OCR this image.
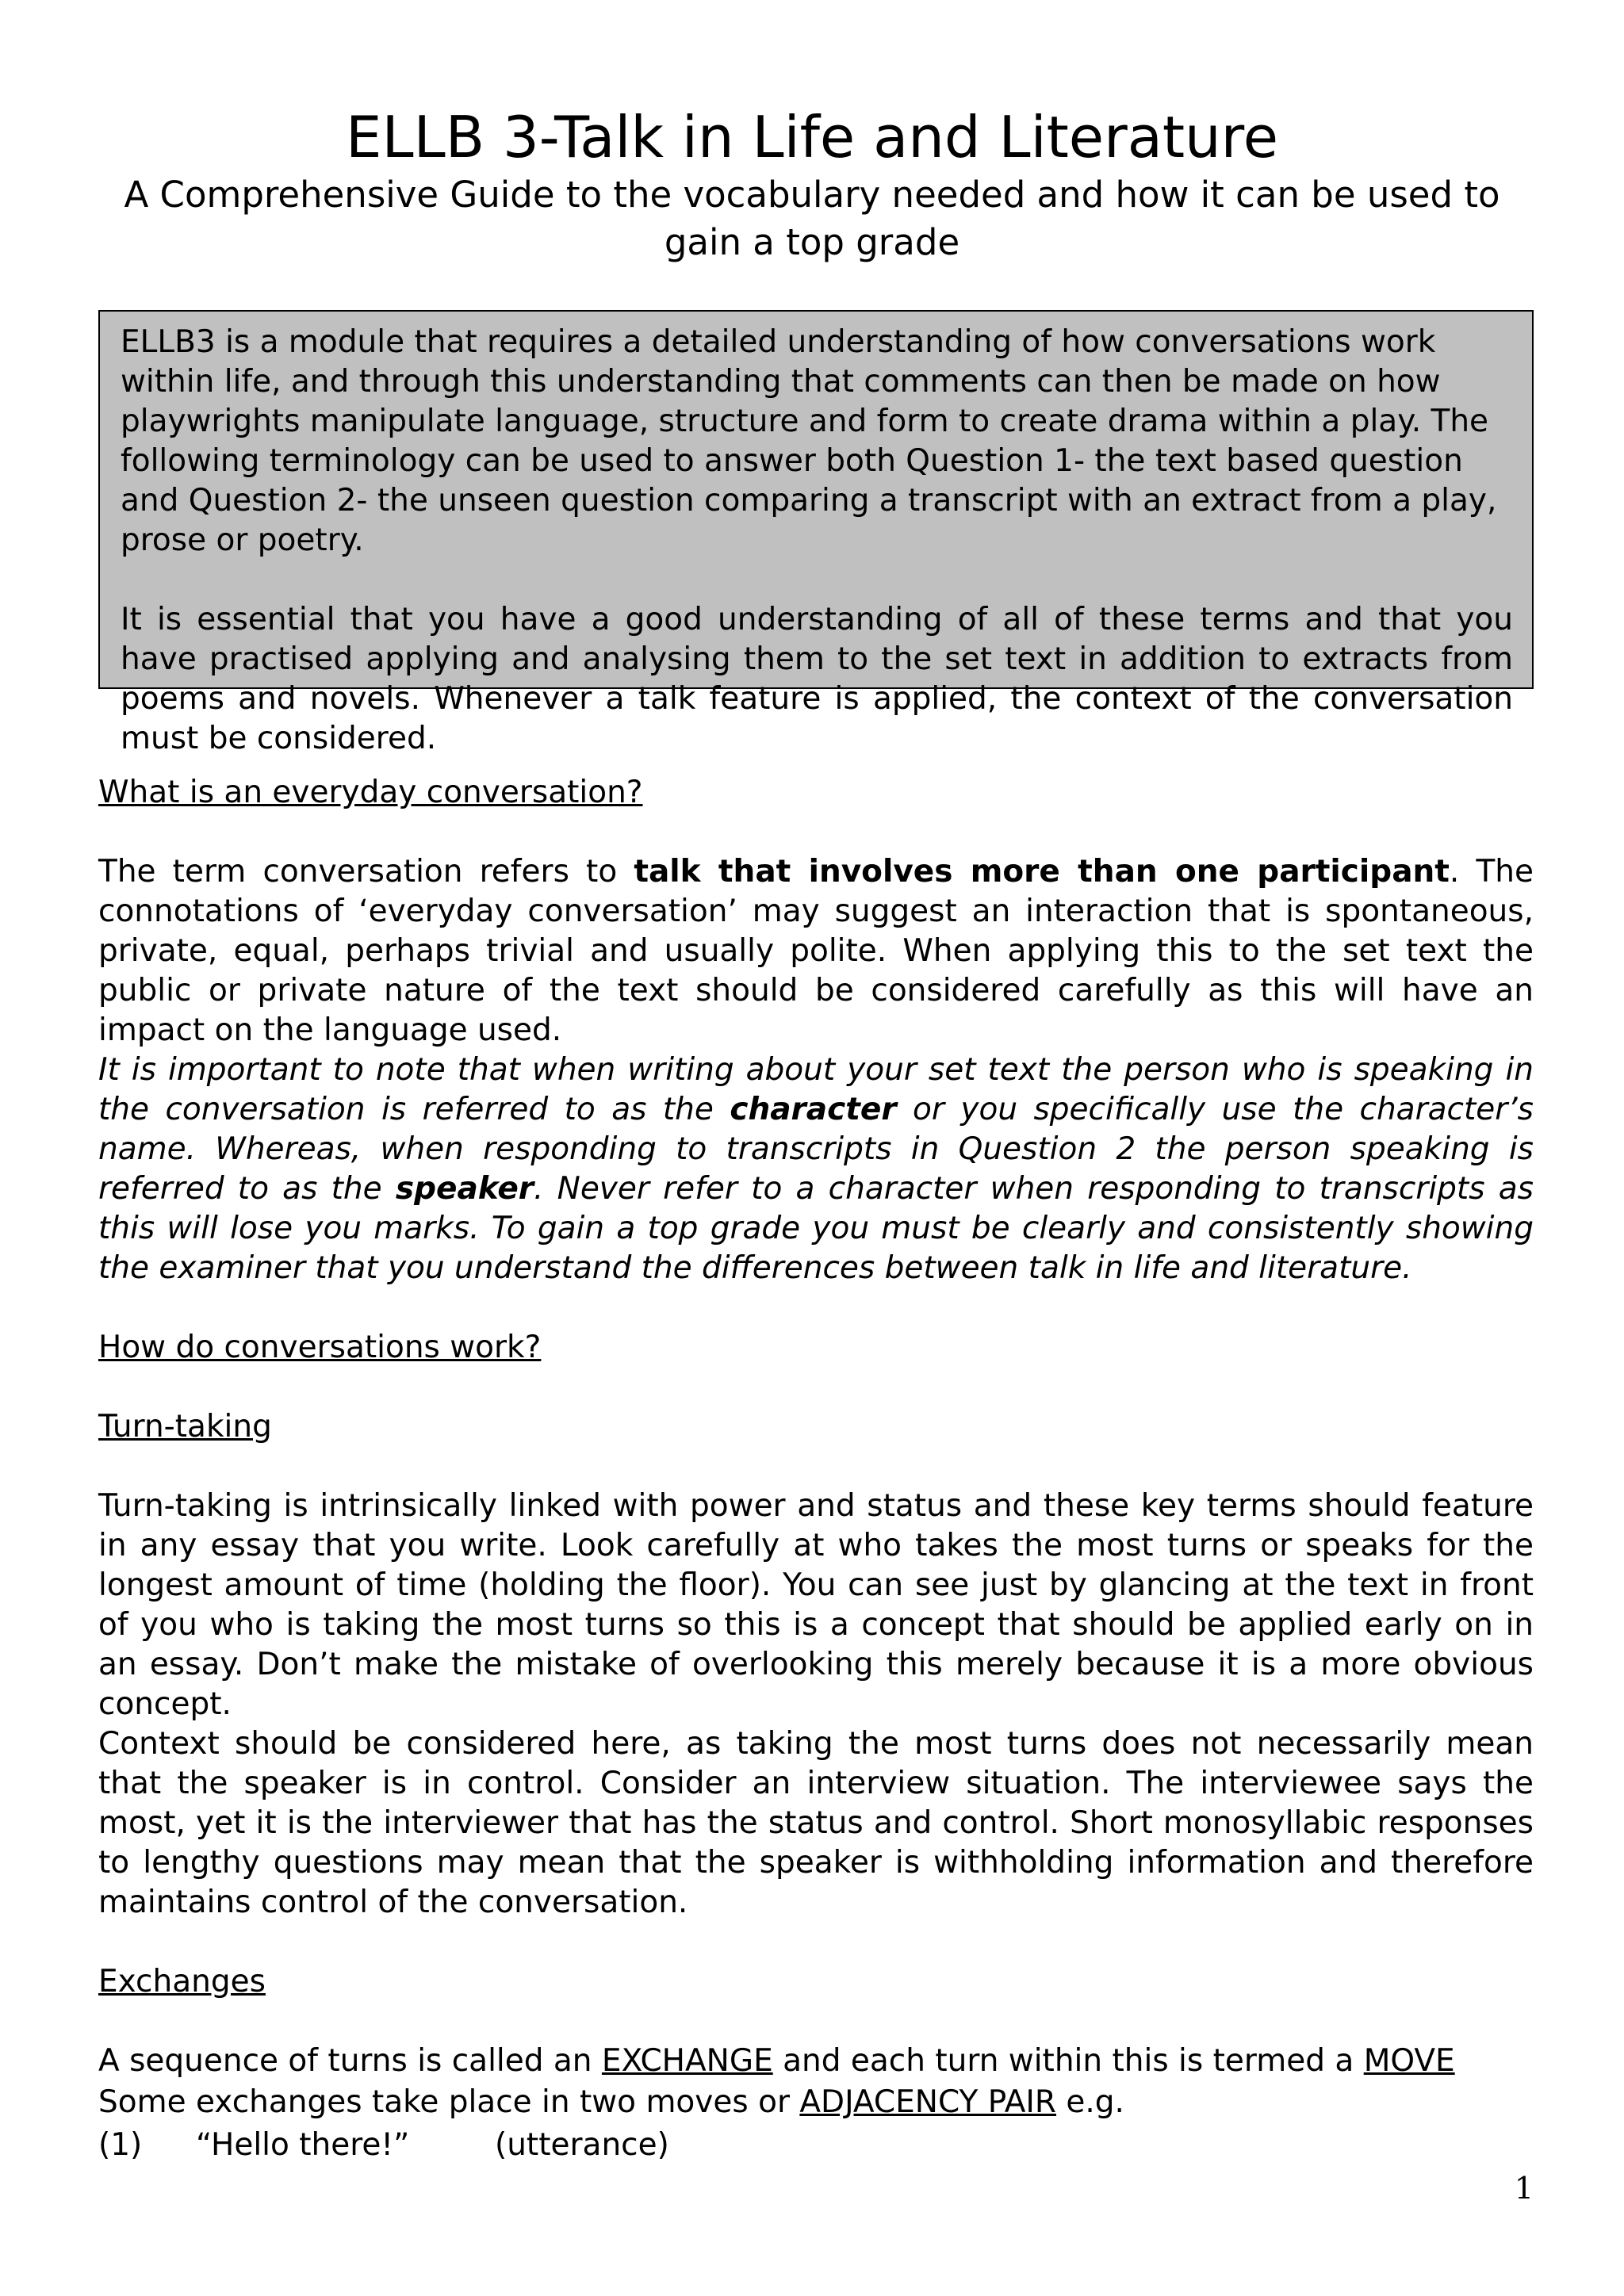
ELLB 3-Talk in Life and Literature

A Comprehensive Guide to the vocabulary needed and how it can be used to gain a top grade

ELLB3 is a module that requires a detailed understanding of how conversations work within life, and through this understanding that comments can then be made on how playwrights manipulate language, structure and form to create drama within a play. The following terminology can be used to answer both Question 1- the text based question and Question 2- the unseen question comparing a transcript with an extract from a play, prose or poetry.

It is essential that you have a good understanding of all of these terms and that you have practised applying and analysing them to the set text in addition to extracts from poems and novels. Whenever a talk feature is applied, the context of the conversation must be considered.

What is an everyday conversation?

The term conversation refers to talk that involves more than one participant. The connotations of ‘everyday conversation’ may suggest an interaction that is spontaneous, private, equal, perhaps trivial and usually polite. When applying this to the set text the public or private nature of the text should be considered carefully as this will have an impact on the language used.

It is important to note that when writing about your set text the person who is speaking in the conversation is referred to as the character or you specifically use the character’s name. Whereas, when responding to transcripts in Question 2 the person speaking is referred to as the speaker. Never refer to a character when responding to transcripts as this will lose you marks. To gain a top grade you must be clearly and consistently showing the examiner that you understand the differences between talk in life and literature.

How do conversations work?

Turn-taking

Turn-taking is intrinsically linked with power and status and these key terms should feature in any essay that you write. Look carefully at who takes the most turns or speaks for the longest amount of time (holding the floor). You can see just by glancing at the text in front of you who is taking the most turns so this is a concept that should be applied early on in an essay. Don’t make the mistake of overlooking this merely because it is a more obvious concept.

Context should be considered here, as taking the most turns does not necessarily mean that the speaker is in control. Consider an interview situation. The interviewee says the most, yet it is the interviewer that has the status and control. Short monosyllabic responses to lengthy questions may mean that the speaker is withholding information and therefore maintains control of the conversation.

Exchanges

A sequence of turns is called an EXCHANGE and each turn within this is termed a MOVE

Some exchanges take place in two moves or ADJACENCY PAIR e.g.

(1) “Hello there!”	(utterance)
1
